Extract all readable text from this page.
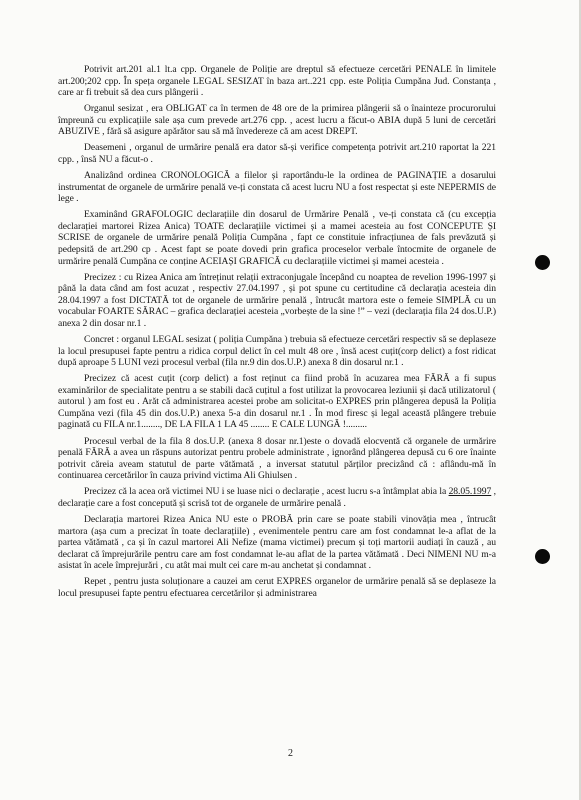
Potrivit art.201 al.1 lt.a cpp. Organele de Poliție are dreptul să efectueze cercetări PENALE în limitele art.200;202 cpp. În speța organele LEGAL SESIZAT în baza art..221 cpp. este Poliția Cumpăna Jud. Constanța , care ar fi trebuit să dea curs plângerii .

Organul sesizat , era OBLIGAT ca în termen de 48 ore de la primirea plângerii să o înainteze procurorului împreună cu explicațiile sale așa cum prevede art.276 cpp. , acest lucru a făcut-o ABIA după 5 luni de cercetări ABUZIVE , fără să asigure apărător sau să mă învedereze că am acest DREPT.

Deasemeni , organul de urmărire penală era dator să-și verifice competența potrivit art.210 raportat la 221 cpp. , însă NU a făcut-o .

Analizând ordinea CRONOLOGICĂ a filelor și raportându-le la ordinea de PAGINAȚIE a dosarului instrumentat de organele de urmărire penală ve-ți constata că acest lucru NU a fost respectat și este NEPERMIS de lege .

Examinând GRAFOLOGIC declarațiile din dosarul de Urmărire Penală , ve-ți constata că (cu excepția declarației martorei Rizea Anica) TOATE declarațiile victimei și a mamei acesteia au fost CONCEPUTE ȘI SCRISE de organele de urmărire penală Poliția Cumpăna , fapt ce constituie infracțiunea de fals prevăzută și pedepsită de art.290 cp . Acest fapt se poate dovedi prin grafica proceselor verbale întocmite de organele de urmărire penală Cumpăna ce conține ACEIAȘI GRAFICĂ cu declarațiile victimei și mamei acesteia .

Precizez : cu Rizea Anica am întreținut relații extraconjugale începând cu noaptea de revelion 1996-1997 și până la data când am fost acuzat , respectiv 27.04.1997 , și pot spune cu certitudine că declarația acesteia din 28.04.1997 a fost DICTATĂ tot de organele de urmărire penală , întrucât martora este o femeie SIMPLĂ cu un vocabular FOARTE SĂRAC – grafica declarației acesteia „vorbește de la sine !” – vezi (declarația fila 24 dos.U.P.) anexa 2 din dosar nr.1 .

Concret : organul LEGAL sesizat ( poliția Cumpăna ) trebuia să efectueze cercetări respectiv să se deplaseze la locul presupusei fapte pentru a ridica corpul delict în cel mult 48 ore , însă acest cuțit(corp delict) a fost ridicat după aproape 5 LUNI vezi procesul verbal (fila nr.9 din dos.U.P.) anexa 8 din dosarul nr.1 .

Precizez că acest cuțit (corp delict) a fost reținut ca fiind probă în acuzarea mea FĂRĂ a fi supus examinărilor de specialitate pentru a se stabili dacă cuțitul a fost utilizat la provocarea leziunii și dacă utilizatorul ( autorul ) am fost eu . Arăt că administrarea acestei probe am solicitat-o EXPRES prin plângerea depusă la Poliția Cumpăna vezi (fila 45 din dos.U.P.) anexa 5-a din dosarul nr.1 . În mod firesc și legal această plângere trebuie paginată cu FILA nr.1........, DE LA FILA 1 LA 45 ........ E CALE LUNGĂ !.........

Procesul verbal de la fila 8 dos.U.P. (anexa 8 dosar nr.1)este o dovadă elocventă că organele de urmărire penală FĂRĂ a avea un răspuns autorizat pentru probele administrate , ignorând plângerea depusă cu 6 ore înainte potrivit căreia aveam statutul de parte vătămată , a inversat statutul părților precizând că : aflându-mă în continuarea cercetărilor în cauza privind victima Ali Ghiulsen .

Precizez că la acea oră victimei NU i se luase nici o declarație , acest lucru s-a întâmplat abia la 28.05.1997 , declarație care a fost concepută și scrisă tot de organele de urmărire penală .

Declarația martorei Rizea Anica NU este o PROBĂ prin care se poate stabili vinovăția mea , întrucât martora (așa cum a precizat în toate declarațiile) , evenimentele pentru care am fost condamnat le-a aflat de la partea vătămată , ca și în cazul martorei Ali Nefize (mama victimei) precum și toți martorii audiați în cauză , au declarat că împrejurările pentru care am fost condamnat le-au aflat de la partea vătămată . Deci NIMENI NU m-a asistat în acele împrejurări , cu atât mai mult cei care m-au anchetat și condamnat .

Repet , pentru justa soluționare a cauzei am cerut EXPRES organelor de urmărire penală să se deplaseze la locul presupusei fapte pentru efectuarea cercetărilor și administrarea

2
